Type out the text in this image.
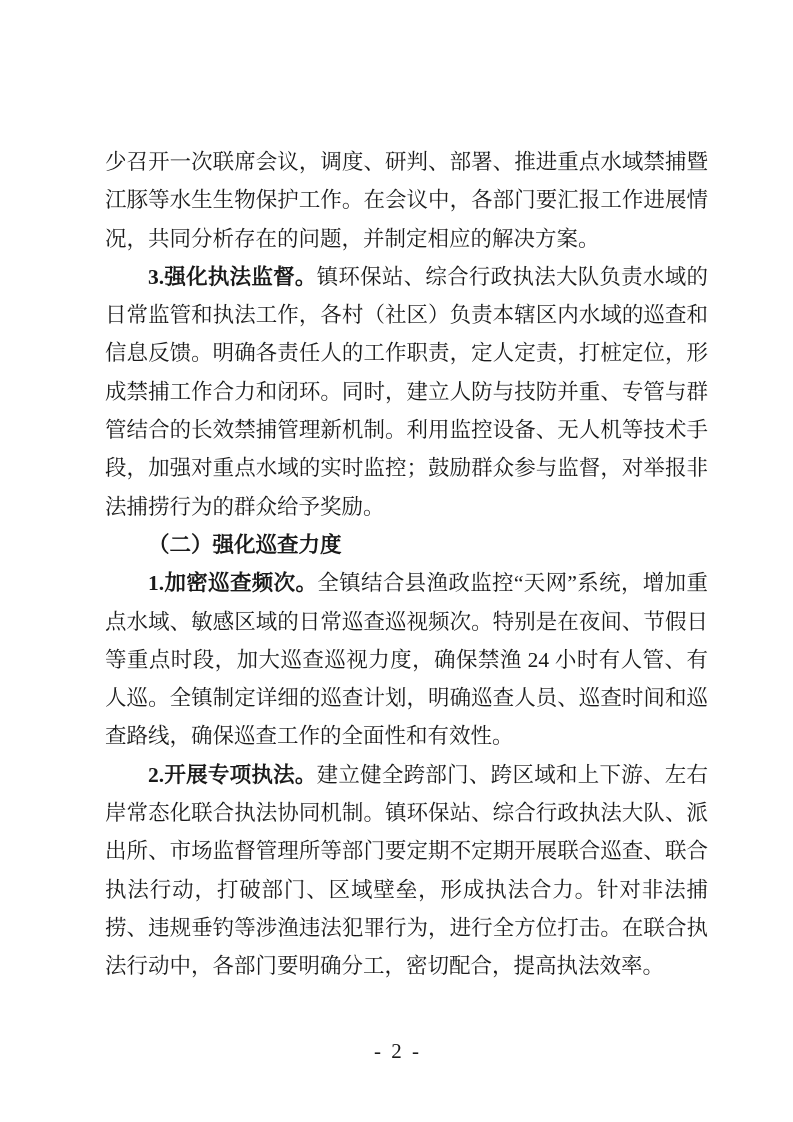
少召开一次联席会议，调度、研判、部署、推进重点水域禁捕暨江豚等水生生物保护工作。在会议中，各部门要汇报工作进展情况，共同分析存在的问题，并制定相应的解决方案。

3.强化执法监督。镇环保站、综合行政执法大队负责水域的日常监管和执法工作，各村（社区）负责本辖区内水域的巡查和信息反馈。明确各责任人的工作职责，定人定责，打桩定位，形成禁捕工作合力和闭环。同时，建立人防与技防并重、专管与群管结合的长效禁捕管理新机制。利用监控设备、无人机等技术手段，加强对重点水域的实时监控；鼓励群众参与监督，对举报非法捕捞行为的群众给予奖励。

（二）强化巡查力度

1.加密巡查频次。全镇结合县渔政监控“天网”系统，增加重点水域、敏感区域的日常巡查巡视频次。特别是在夜间、节假日等重点时段，加大巡查巡视力度，确保禁渔 24 小时有人管、有人巡。全镇制定详细的巡查计划，明确巡查人员、巡查时间和巡查路线，确保巡查工作的全面性和有效性。

2.开展专项执法。建立健全跨部门、跨区域和上下游、左右岸常态化联合执法协同机制。镇环保站、综合行政执法大队、派出所、市场监督管理所等部门要定期不定期开展联合巡查、联合执法行动，打破部门、区域壁垒，形成执法合力。针对非法捕捞、违规垂钓等涉渔违法犯罪行为，进行全方位打击。在联合执法行动中，各部门要明确分工，密切配合，提高执法效率。

- 2 -
